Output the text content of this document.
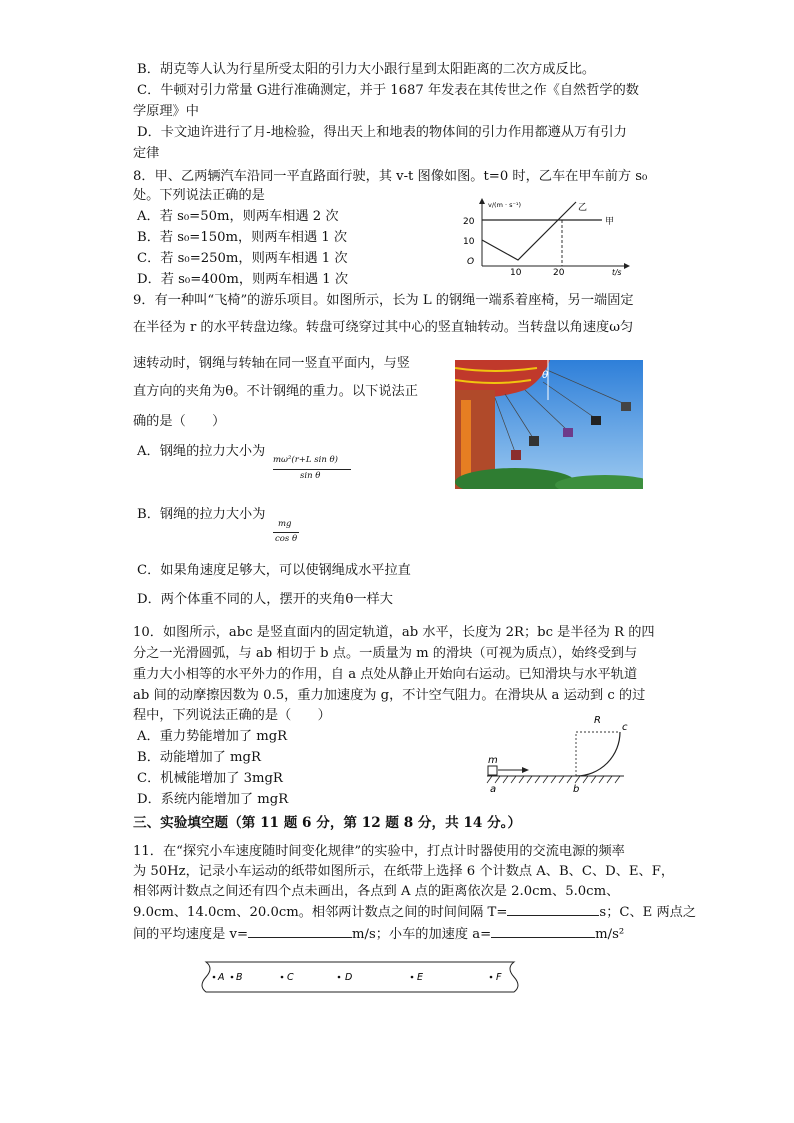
B．胡克等人认为行星所受太阳的引力大小跟行星到太阳距离的二次方成反比。
C．牛顿对引力常量 G进行准确测定，并于 1687 年发表在其传世之作《自然哲学的数
学原理》中
D．卡文迪许进行了月-地检验，得出天上和地表的物体间的引力作用都遵从万有引力
定律
8．甲、乙两辆汽车沿同一平直路面行驶，其 v-t 图像如图。t=0 时，乙车在甲车前方 s₀
处。下列说法正确的是
A．若 s₀=50m，则两车相遇 2 次
B．若 s₀=150m，则两车相遇 1 次
C．若 s₀=250m，则两车相遇 1 次
D．若 s₀=400m，则两车相遇 1 次
v/(m · s⁻¹)	乙
甲
20
10
O
10	20	t/s
9．有一种叫“飞椅”的游乐项目。如图所示，长为 L 的钢绳一端系着座椅，另一端固定
在半径为 r 的水平转盘边缘。转盘可绕穿过其中心的竖直轴转动。当转盘以角速度ω匀
速转动时，钢绳与转轴在同一竖直平面内，与竖
直方向的夹角为θ。不计钢绳的重力。以下说法正
确的是（　　）
θ
A．钢绳的拉力大小为
mω²(r+L sin θ)
sin θ
B．钢绳的拉力大小为
mg
cos θ
C．如果角速度足够大，可以使钢绳成水平拉直
D．两个体重不同的人，摆开的夹角θ一样大
10．如图所示，abc 是竖直面内的固定轨道，ab 水平，长度为 2R；bc 是半径为 R 的四
分之一光滑圆弧，与 ab 相切于 b 点。一质量为 m 的滑块（可视为质点），始终受到与
重力大小相等的水平外力的作用，自 a 点处从静止开始向右运动。已知滑块与水平轨道
ab 间的动摩擦因数为 0.5，重力加速度为 g，不计空气阻力。在滑块从 a 运动到 c 的过
程中，下列说法正确的是（　　）
A．重力势能增加了 mgR
B．动能增加了 mgR
C．机械能增加了 3mgR
D．系统内能增加了 mgR
m
a	b
R
c
三、实验填空题（第 11 题 6 分，第 12 题 8 分，共 14 分。）
11．在“探究小车速度随时间变化规律”的实验中，打点计时器使用的交流电源的频率
为 50Hz，记录小车运动的纸带如图所示，在纸带上选择 6 个计数点 A、B、C、D、E、F，
相邻两计数点之间还有四个点未画出，各点到 A 点的距离依次是 2.0cm、5.0cm、
9.0cm、14.0cm、20.0cm。相邻两计数点之间的时间间隔 T=	s；C、E 两点之
间的平均速度是 v=	m/s；小车的加速度 a=	m/s²
A B	C	D	E	F
